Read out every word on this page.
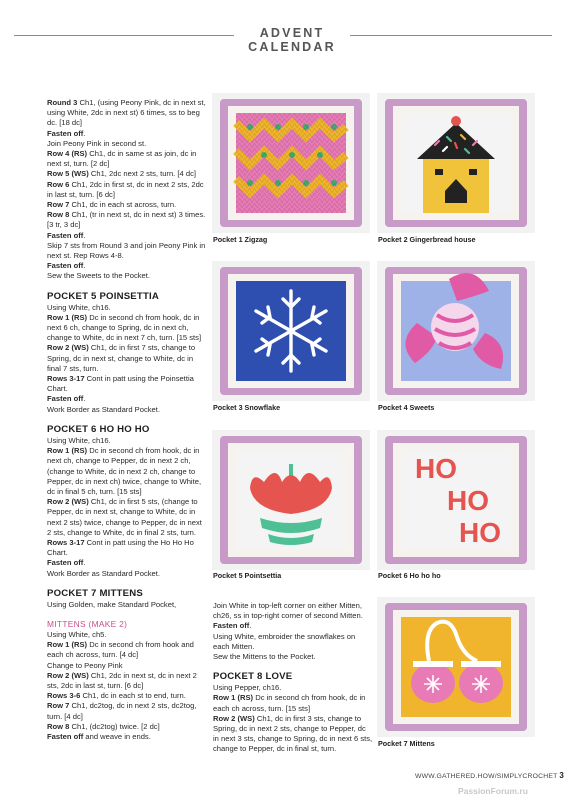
ADVENT CALENDAR

Round 3 Ch1, (using Peony Pink, dc in next st, using White, 2dc in next st) 6 times, ss to beg dc. [18 dc]

Fasten off.

Join Peony Pink in second st.

Row 4 (RS) Ch1, dc in same st as join, dc in next st, turn. [2 dc]

Row 5 (WS) Ch1, 2dc next 2 sts, turn. [4 dc]

Row 6 Ch1, 2dc in first st, dc in next 2 sts, 2dc in last st, turn. [6 dc]

Row 7 Ch1, dc in each st across, turn.

Row 8 Ch1, (tr in next st, dc in next st) 3 times. [3 tr, 3 dc]

Fasten off.

Skip 7 sts from Round 3 and join Peony Pink in next st. Rep Rows 4-8.

Fasten off.

Sew the Sweets to the Pocket.

POCKET 5 POINSETTIA

Using White, ch16.

Row 1 (RS) Dc in second ch from hook, dc in next 6 ch, change to Spring, dc in next ch, change to White, dc in next 7 ch, turn. [15 sts]

Row 2 (WS) Ch1, dc in first 7 sts, change to Spring, dc in next st, change to White, dc in final 7 sts, turn.

Rows 3-17 Cont in patt using the Poinsettia Chart.

Fasten off.

Work Border as Standard Pocket.

POCKET 6 HO HO HO

Using White, ch16.

Row 1 (RS) Dc in second ch from hook, dc in next ch, change to Pepper, dc in next 2 ch, (change to White, dc in next 2 ch, change to Pepper, dc in next ch) twice, change to White, dc in final 5 ch, turn. [15 sts]

Row 2 (WS) Ch1, dc in first 5 sts, (change to Pepper, dc in next st, change to White, dc in next 2 sts) twice, change to Pepper, dc in next 2 sts, change to White, dc in final 2 sts, turn.

Rows 3-17 Cont in patt using the Ho Ho Ho Chart.

Fasten off.

Work Border as Standard Pocket.

POCKET 7 MITTENS

Using Golden, make Standard Pocket,

MITTENS (MAKE 2)

Using White, ch5.

Row 1 (RS) Dc in second ch from hook and each ch across, turn. [4 dc]

Change to Peony Pink

Row 2 (WS) Ch1, 2dc in next st, dc in next 2 sts, 2dc in last st, turn. [6 dc]

Rows 3-6 Ch1, dc in each st to end, turn.

Row 7 Ch1, dc2tog, dc in next 2 sts, dc2tog, turn. [4 dc]

Row 8 Ch1, (dc2tog) twice. [2 dc]

Fasten off and weave in ends.

Join White in top-left corner on either Mitten, ch26, ss in top-right corner of second Mitten.

Fasten off.

Using White, embroider the snowflakes on each Mitten.

Sew the Mittens to the Pocket.

POCKET 8 LOVE

Using Pepper, ch16.

Row 1 (RS) Dc in second ch from hook, dc in each ch across, turn. [15 sts]

Row 2 (WS) Ch1, dc in first 3 sts, change to Spring, dc in next 2 sts, change to Pepper, dc in next 3 sts, change to Spring, dc in next 6 sts, change to Pepper, dc in final st, turn.

Pocket 1 Zigzag	Pocket 2 Gingerbread house
Pocket 3 Snowflake	Pocket 4 Sweets
Pocket 5 Pointsettia
HO
HO
HO
Pocket 6 Ho ho ho
Pocket 7 Mittens
WWW.GATHERED.HOW/SIMPLYCROCHET 3
PassionForum.ru
